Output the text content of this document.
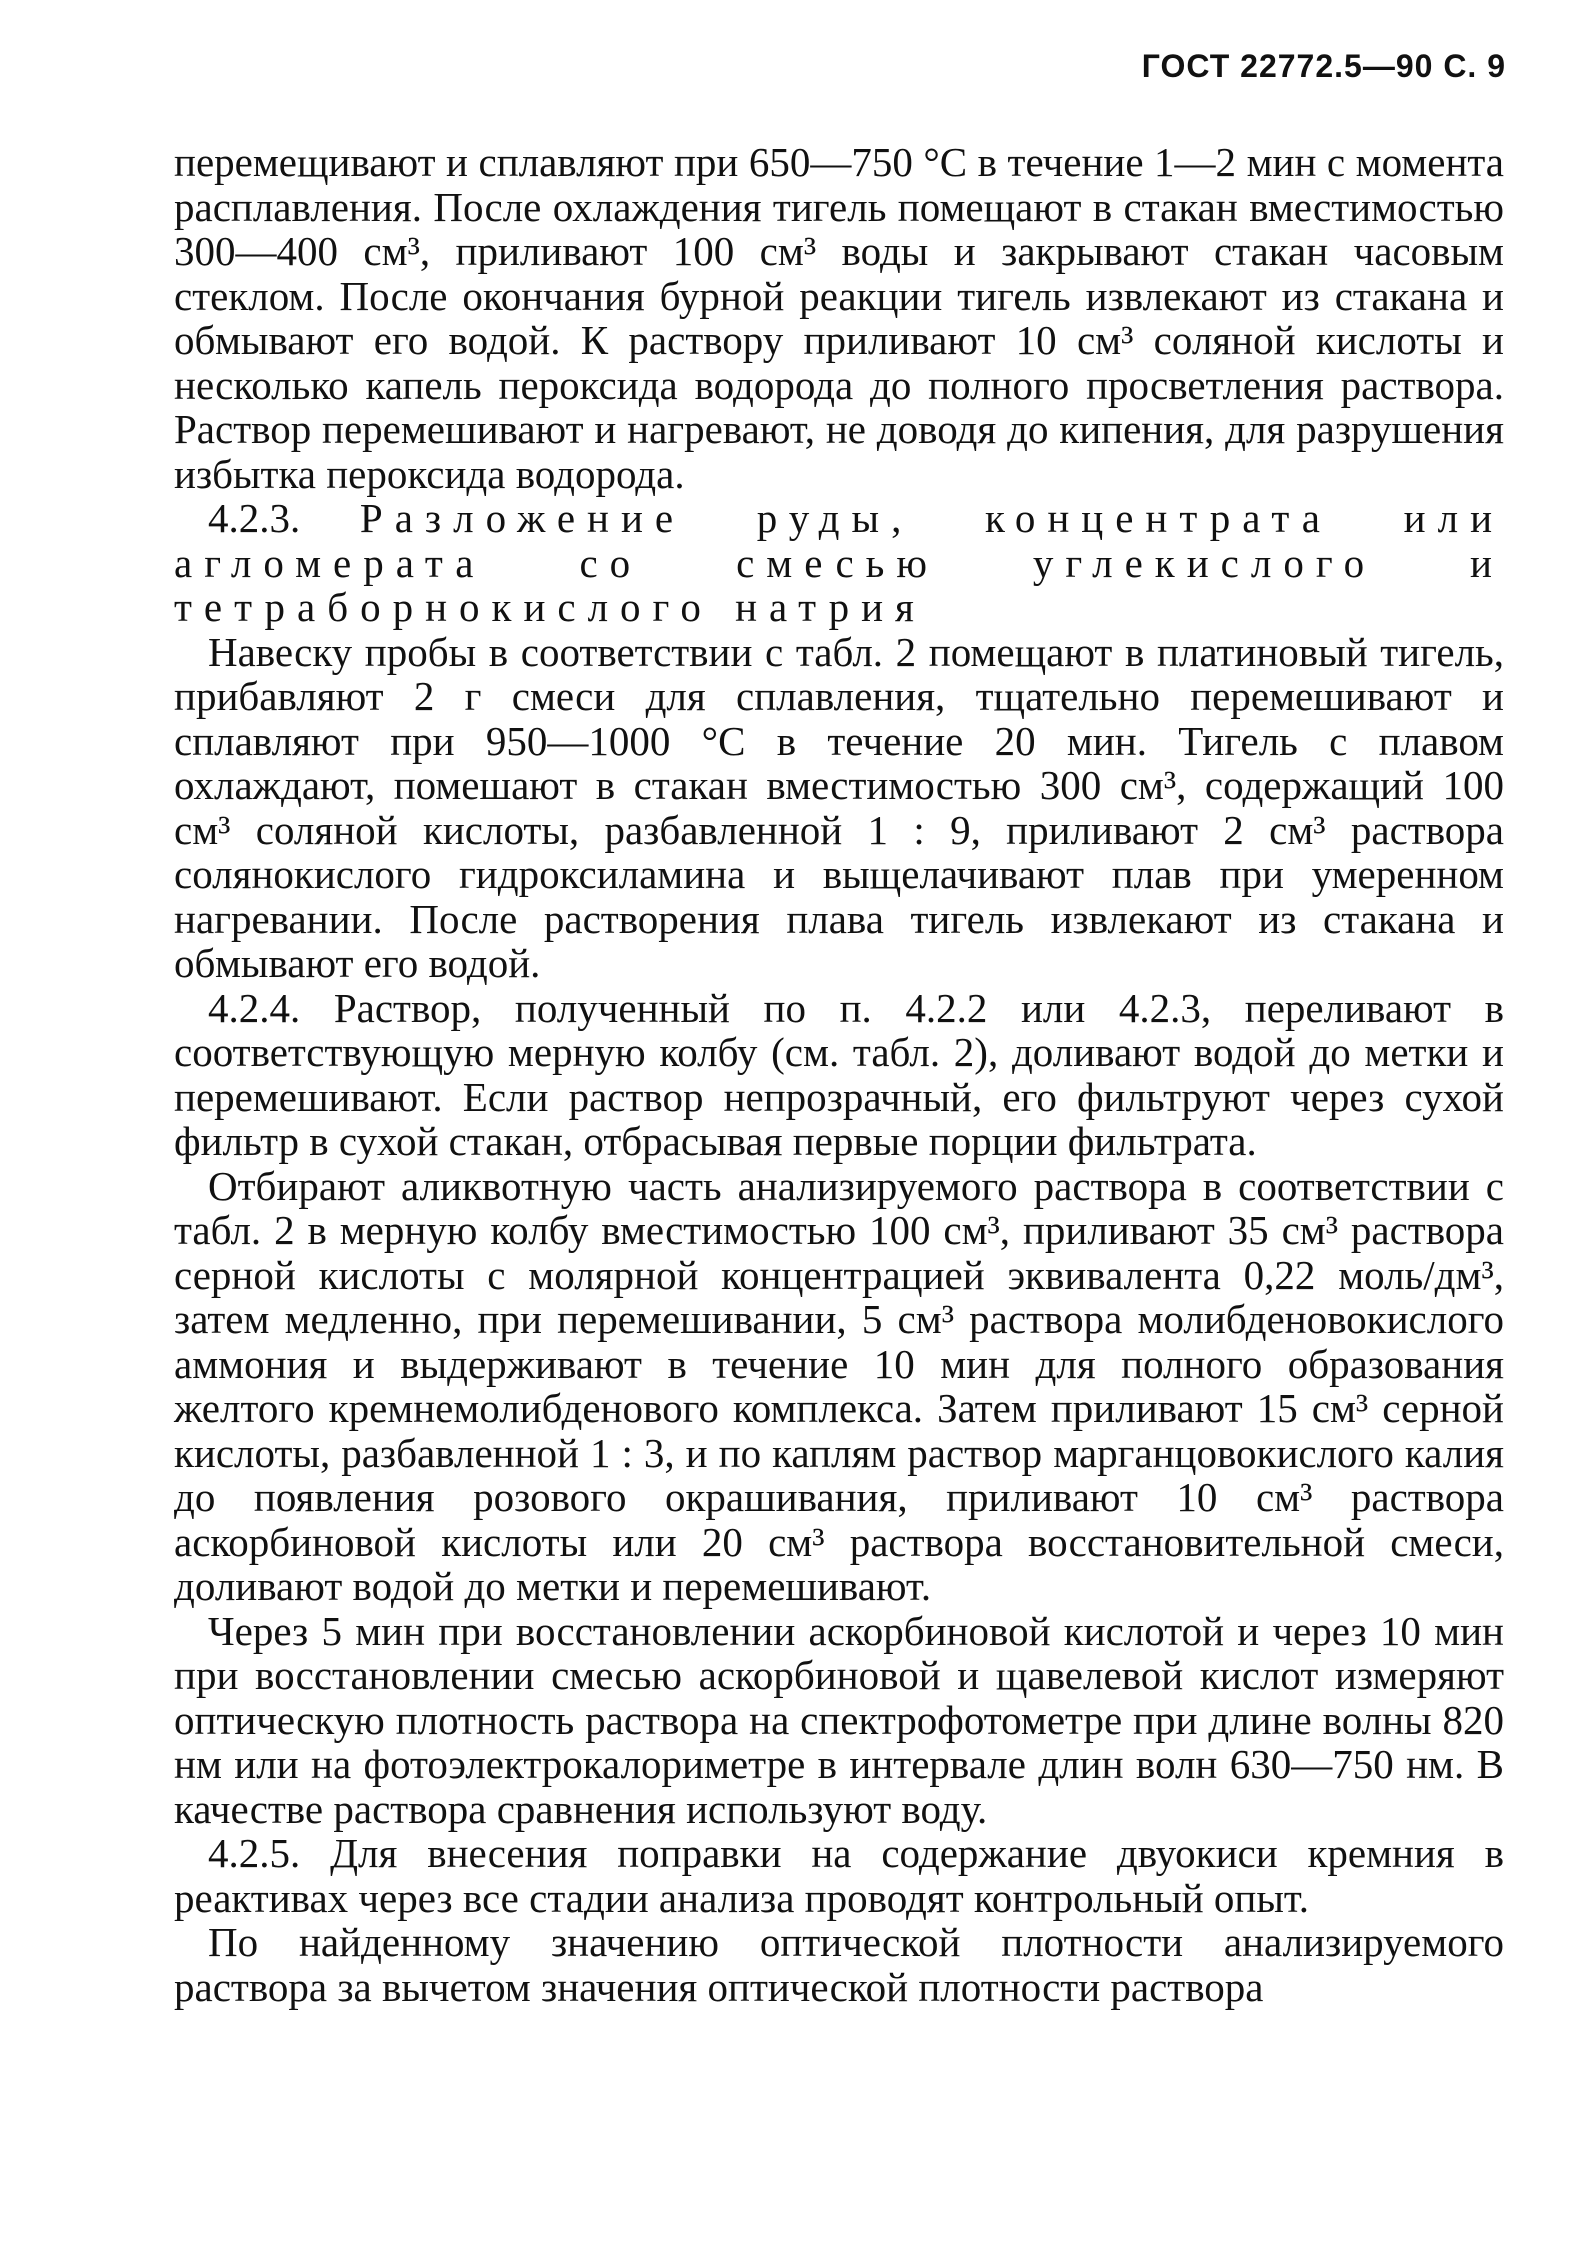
ГОСТ 22772.5—90 С. 9

перемещивают и сплавляют при 650—750 °С в течение 1—2 мин с момента расплавления. После охлаждения тигель помещают в стакан вместимостью 300—400 см³, приливают 100 см³ воды и закрывают стакан часовым стеклом. После окончания бурной реакции тигель извлекают из стакана и обмывают его водой. К раствору приливают 10 см³ соляной кислоты и несколько капель пероксида водорода до полного просветления раствора. Раствор перемешивают и нагревают, не доводя до кипения, для разрушения избытка пероксида водорода.

4.2.3. Разложение руды, концентрата или агломерата со смесью углекислого и тетраборнокислого натрия

Навеску пробы в соответствии с табл. 2 помещают в платиновый тигель, прибавляют 2 г смеси для сплавления, тщательно перемешивают и сплавляют при 950—1000 °С в течение 20 мин. Тигель с плавом охлаждают, помешают в стакан вместимостью 300 см³, содержащий 100 см³ соляной кислоты, разбавленной 1 : 9, приливают 2 см³ раствора солянокислого гидроксиламина и выщелачивают плав при умеренном нагревании. После растворения плава тигель извлекают из стакана и обмывают его водой.

4.2.4. Раствор, полученный по п. 4.2.2 или 4.2.3, переливают в соответствующую мерную колбу (см. табл. 2), доливают водой до метки и перемешивают. Если раствор непрозрачный, его фильтруют через сухой фильтр в сухой стакан, отбрасывая первые порции фильтрата.

Отбирают аликвотную часть анализируемого раствора в соответствии с табл. 2 в мерную колбу вместимостью 100 см³, приливают 35 см³ раствора серной кислоты с молярной концентрацией эквивалента 0,22 моль/дм³, затем медленно, при перемешивании, 5 см³ раствора молибденовокислого аммония и выдерживают в течение 10 мин для полного образования желтого кремнемолибденового комплекса. Затем приливают 15 см³ серной кислоты, разбавленной 1 : 3, и по каплям раствор марганцовокислого калия до появления розового окрашивания, приливают 10 см³ раствора аскорбиновой кислоты или 20 см³ раствора восстановительной смеси, доливают водой до метки и перемешивают.

Через 5 мин при восстановлении аскорбиновой кислотой и через 10 мин при восстановлении смесью аскорбиновой и щавелевой кислот измеряют оптическую плотность раствора на спектрофотометре при длине волны 820 нм или на фотоэлектрокалориметре в интервале длин волн 630—750 нм. В качестве раствора сравнения используют воду.

4.2.5. Для внесения поправки на содержание двуокиси кремния в реактивах через все стадии анализа проводят контрольный опыт.

По найденному значению оптической плотности анализируемого раствора за вычетом значения оптической плотности раствора
